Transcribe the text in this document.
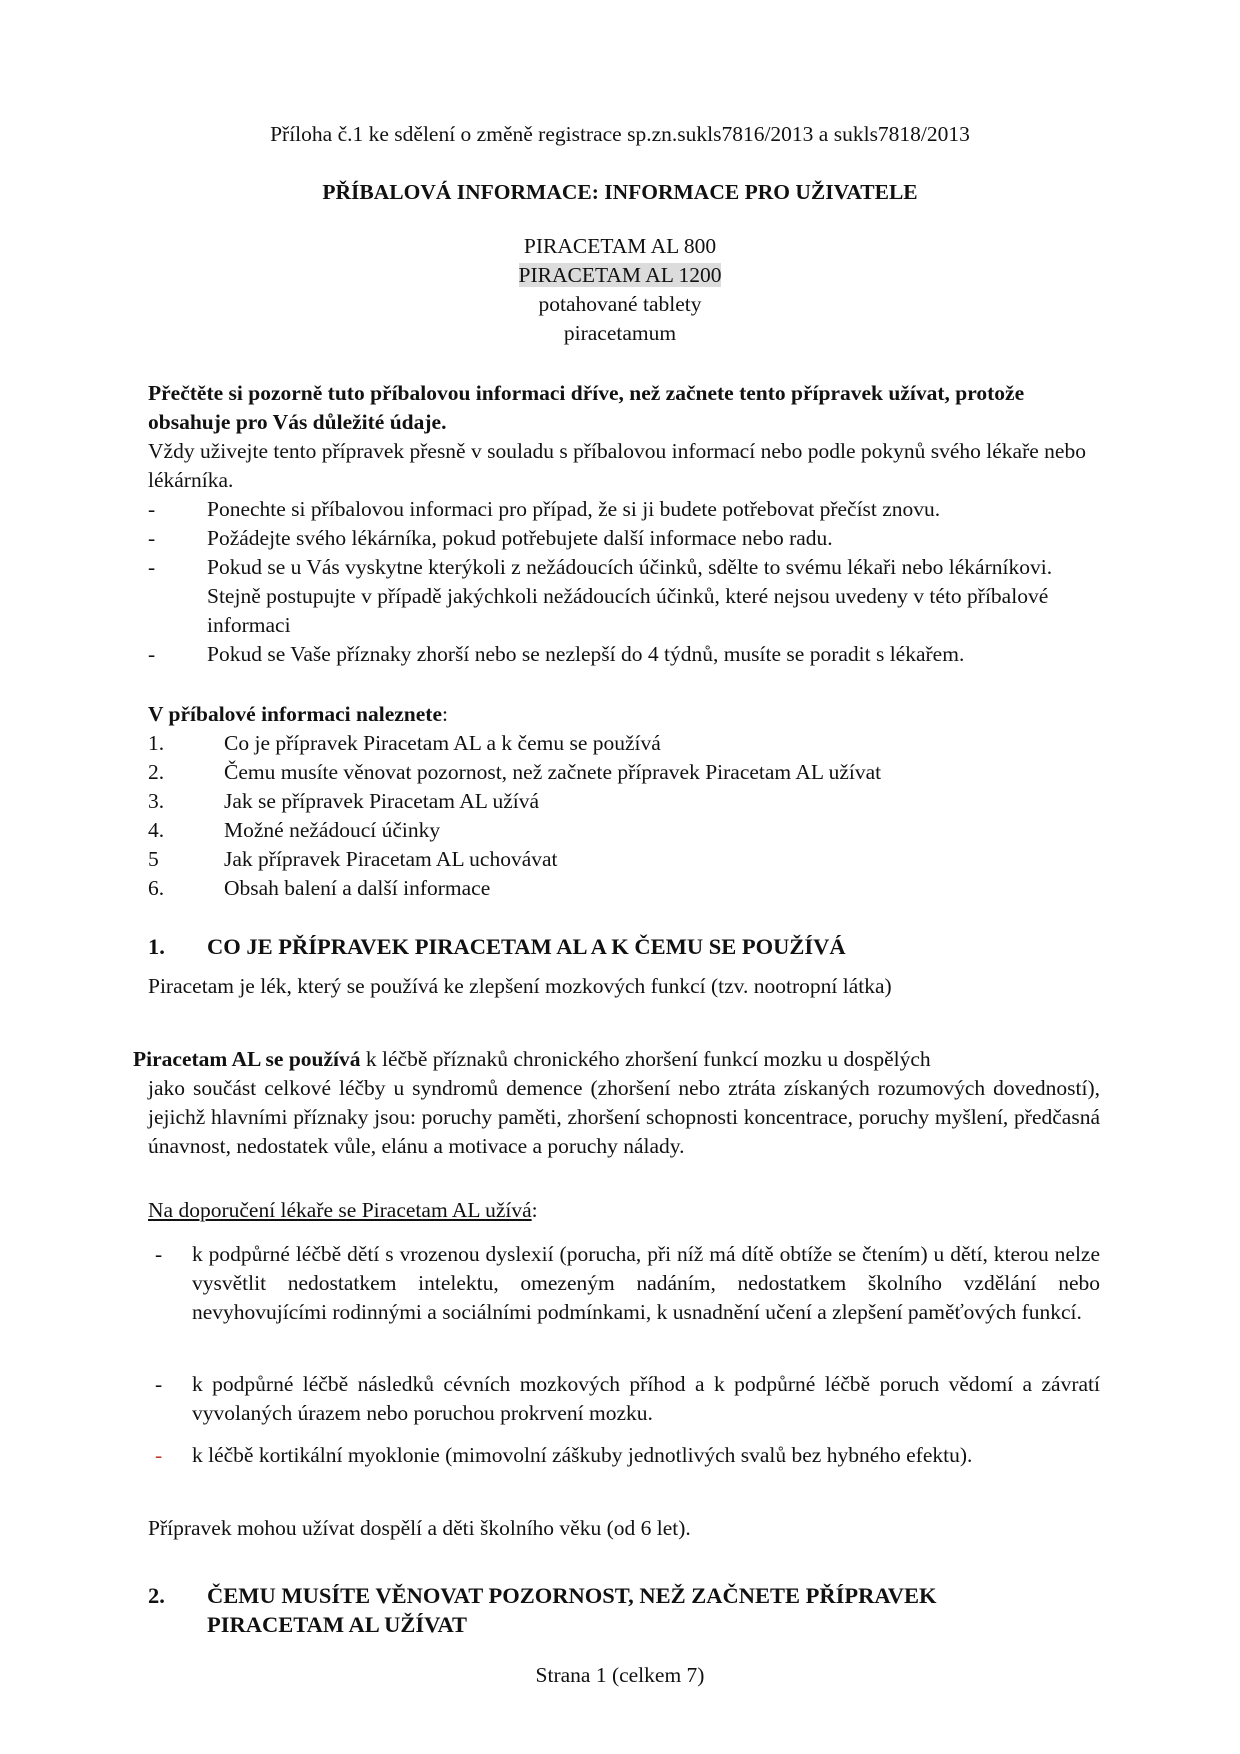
Příloha č.1 ke sdělení o změně registrace sp.zn.sukls7816/2013 a sukls7818/2013
PŘÍBALOVÁ INFORMACE: INFORMACE PRO UŽIVATELE
PIRACETAM AL 800
PIRACETAM AL 1200
potahované tablety
piracetamum
Přečtěte si pozorně tuto příbalovou informaci dříve, než začnete tento přípravek užívat, protože obsahuje pro Vás důležité údaje.
Vždy uživejte tento přípravek přesně v souladu s příbalovou informací nebo podle pokynů svého lékaře nebo lékárníka.
- Ponechte si příbalovou informaci pro případ, že si ji budete potřebovat přečíst znovu.
- Požádejte svého lékárníka, pokud potřebujete další informace nebo radu.
- Pokud se u Vás vyskytne kterýkoli z nežádoucích účinků, sdělte to svému lékaři nebo lékárníkovi. Stejně postupujte v případě jakýchkoli nežádoucích účinků, které nejsou uvedeny v této příbalové informaci
- Pokud se Vaše příznaky zhorší nebo se nezlepší do 4 týdnů, musíte se poradit s lékařem.
V příbalové informaci naleznete:
1.	Co je přípravek Piracetam AL a k čemu se používá
2.	Čemu musíte věnovat pozornost, než začnete přípravek Piracetam AL užívat
3.	Jak se přípravek Piracetam AL užívá
4.	Možné nežádoucí účinky
5	Jak přípravek Piracetam AL uchovávat
6.	Obsah balení a další informace
1. CO JE PŘÍPRAVEK PIRACETAM AL A K ČEMU SE POUŽÍVÁ
Piracetam je lék, který se používá ke zlepšení mozkových funkcí (tzv. nootropní látka)
Piracetam AL se používá k léčbě příznaků chronického zhoršení funkcí mozku u dospělých
jako součást celkové léčby u syndromů demence (zhoršení nebo ztráta získaných rozumových dovedností), jejichž hlavními příznaky jsou: poruchy paměti, zhoršení schopnosti koncentrace, poruchy myšlení, předčasná únavnost, nedostatek vůle, elánu a motivace a poruchy nálady.
Na doporučení lékaře se Piracetam AL užívá:
- k podpůrné léčbě dětí s vrozenou dyslexií (porucha, při níž má dítě obtíže se čtením) u dětí, kterou nelze vysvětlit nedostatkem intelektu, omezeným nadáním, nedostatkem školního vzdělání nebo nevyhovujícími rodinnými a sociálními podmínkami, k usnadnění učení a zlepšení paměťových funkcí.
- k podpůrné léčbě následků cévních mozkových příhod a k podpůrné léčbě poruch vědomí a závratí vyvolaných úrazem nebo poruchou prokrvení mozku.
- k léčbě kortikální myoklonie (mimovolní záškuby jednotlivých svalů bez hybného efektu).
Přípravek mohou užívat dospělí a děti školního věku (od 6 let).
2. ČEMU MUSÍTE VĚNOVAT POZORNOST, NEŽ ZAČNETE PŘÍPRAVEK
PIRACETAM AL UŽÍVAT
Strana 1 (celkem 7)
